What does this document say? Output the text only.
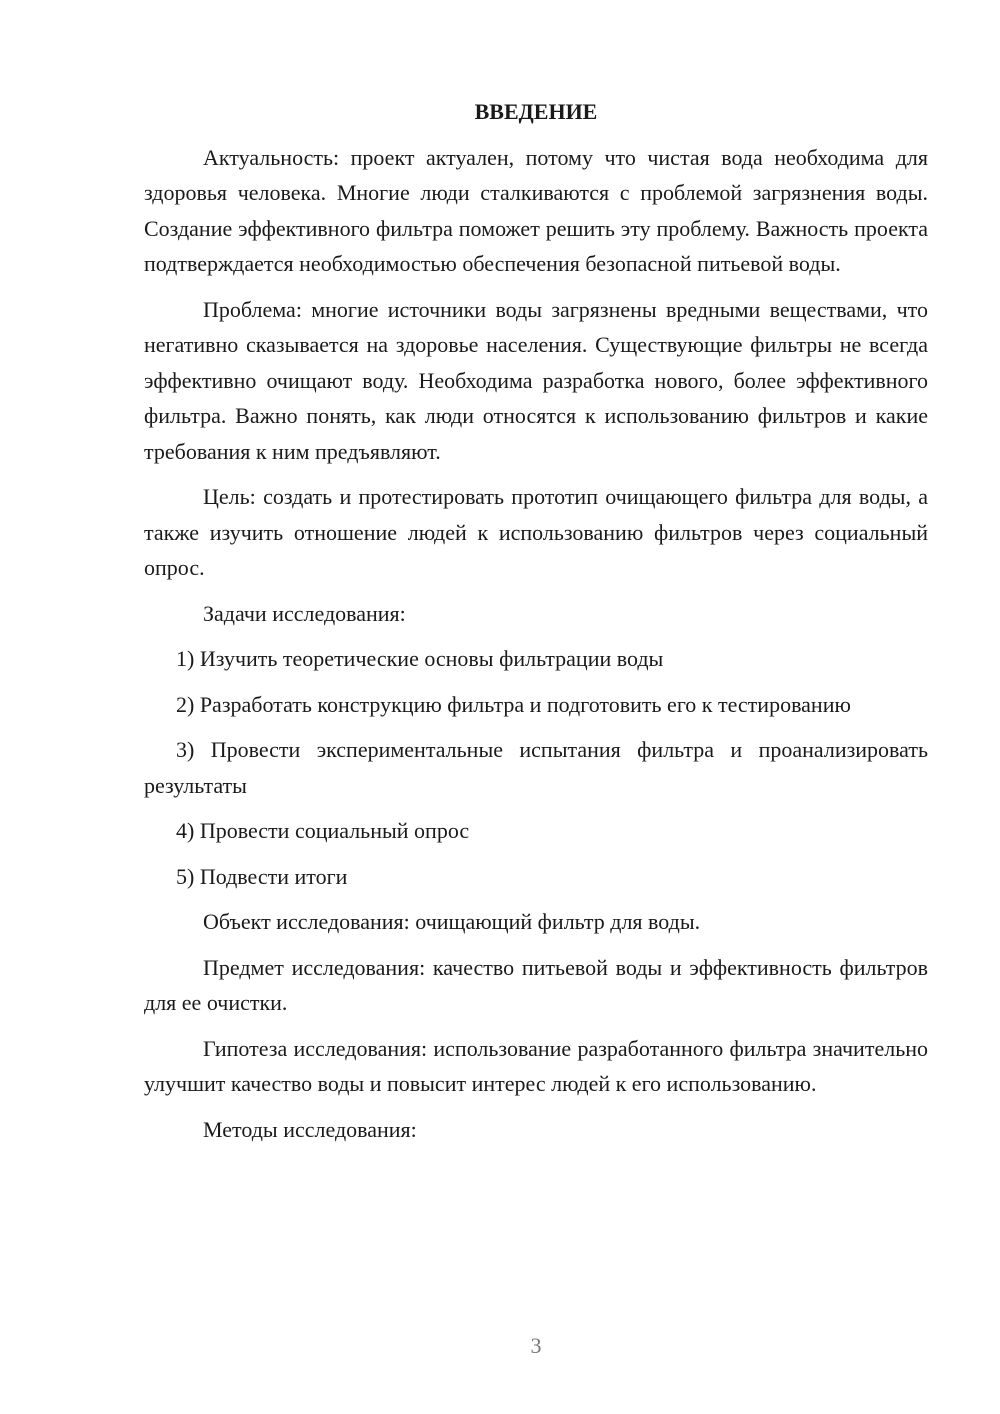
ВВЕДЕНИЕ

Актуальность: проект актуален, потому что чистая вода необходима для здоровья человека. Многие люди сталкиваются с проблемой загрязнения воды. Создание эффективного фильтра поможет решить эту проблему. Важность проекта подтверждается необходимостью обеспечения безопасной питьевой воды.

Проблема: многие источники воды загрязнены вредными веществами, что негативно сказывается на здоровье населения. Существующие фильтры не всегда эффективно очищают воду. Необходима разработка нового, более эффективного фильтра. Важно понять, как люди относятся к использованию фильтров и какие требования к ним предъявляют.

Цель: создать и протестировать прототип очищающего фильтра для воды, а также изучить отношение людей к использованию фильтров через социальный опрос.

Задачи исследования:

1) Изучить теоретические основы фильтрации воды

2) Разработать конструкцию фильтра и подготовить его к тестированию

3) Провести экспериментальные испытания фильтра и проанализировать результаты

4) Провести социальный опрос

5) Подвести итоги

Объект исследования: очищающий фильтр для воды.

Предмет исследования: качество питьевой воды и эффективность фильтров для ее очистки.

Гипотеза исследования: использование разработанного фильтра значительно улучшит качество воды и повысит интерес людей к его использованию.

Методы исследования:

3
